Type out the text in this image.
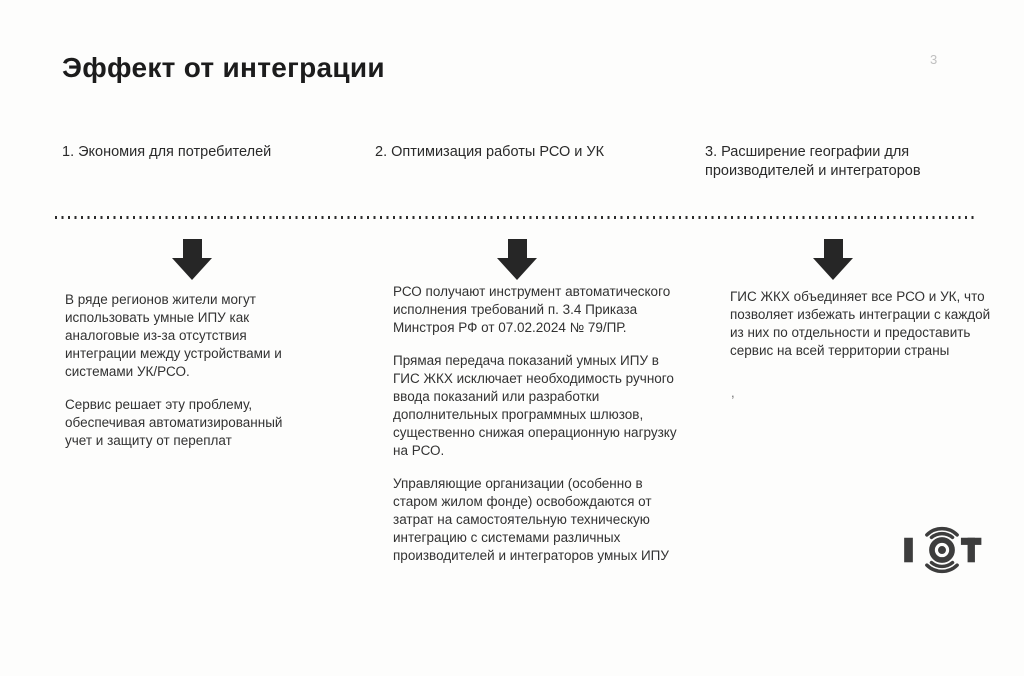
Эффект от интеграции	3
1. Экономия для потребителей	2. Оптимизация работы РСО и УК	3. Расширение географии для производителей и интеграторов

В ряде регионов жители могут использовать умные ИПУ как аналоговые из-за отсутствия интеграции между устройствами и системами УК/РСО.

Сервис решает эту проблему, обеспечивая автоматизированный учет и защиту от переплат

РСО получают инструмент автоматического исполнения требований п. 3.4 Приказа Минстроя РФ от 07.02.2024 № 79/ПР.

Прямая передача показаний умных ИПУ в ГИС ЖКХ исключает необходимость ручного ввода показаний или разработки дополнительных программных шлюзов, существенно снижая операционную нагрузку на РСО.

Управляющие организации (особенно в старом жилом фонде) освобождаются от затрат на самостоятельную техническую интеграцию с системами различных производителей и интеграторов умных ИПУ

ГИС ЖКХ объединяет все РСО и УК, что позволяет избежать интеграции с каждой из них по отдельности и предоставить сервис на всей территории страны

,
